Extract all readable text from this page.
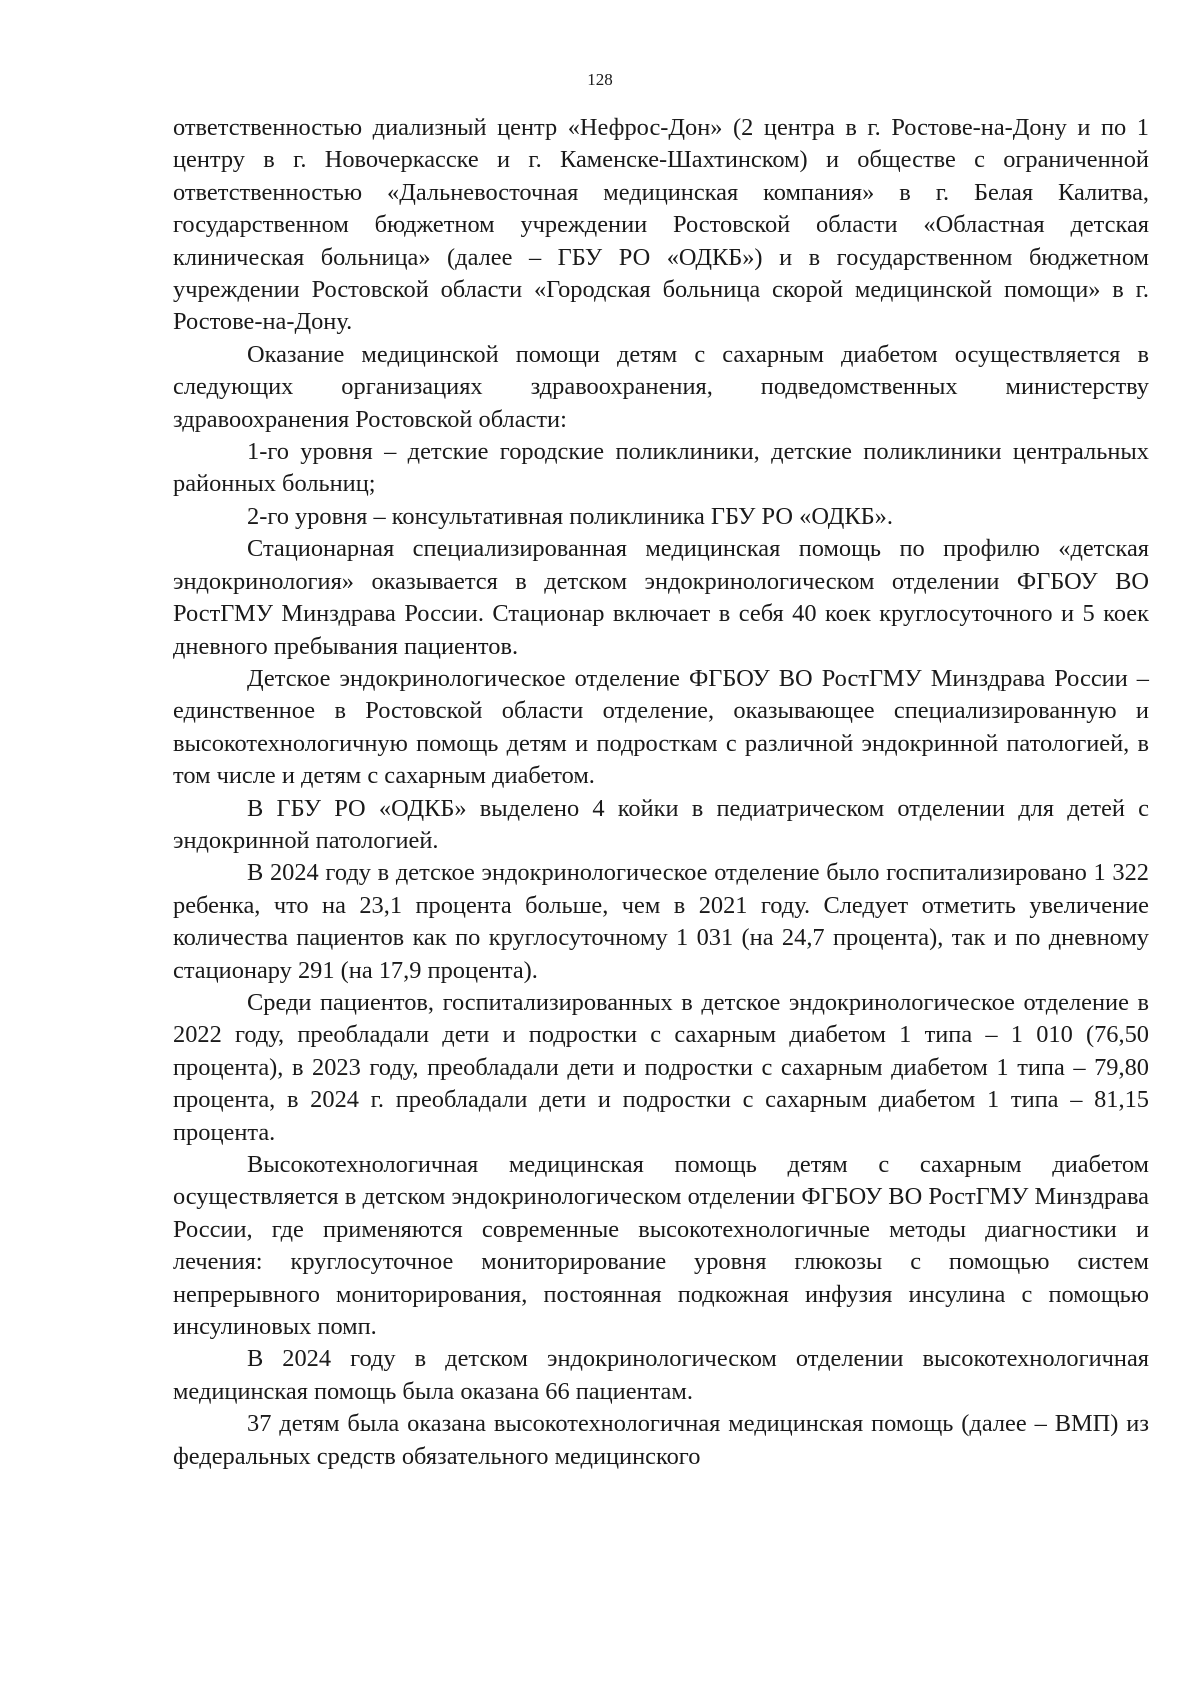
128

ответственностью диализный центр «Нефрос-Дон» (2 центра в г. Ростове-на-Дону и по 1 центру в г. Новочеркасске и г. Каменске-Шахтинском) и обществе с ограниченной ответственностью «Дальневосточная медицинская компания» в г. Белая Калитва, государственном бюджетном учреждении Ростовской области «Областная детская клиническая больница» (далее – ГБУ РО «ОДКБ») и в государственном бюджетном учреждении Ростовской области «Городская больница скорой медицинской помощи» в г. Ростове-на-Дону.

Оказание медицинской помощи детям с сахарным диабетом осуществляется в следующих организациях здравоохранения, подведомственных министерству здравоохранения Ростовской области:

1-го уровня – детские городские поликлиники, детские поликлиники центральных районных больниц;

2-го уровня – консультативная поликлиника ГБУ РО «ОДКБ».

Стационарная специализированная медицинская помощь по профилю «детская эндокринология» оказывается в детском эндокринологическом отделении ФГБОУ ВО РостГМУ Минздрава России. Стационар включает в себя 40 коек круглосуточного и 5 коек дневного пребывания пациентов.

Детское эндокринологическое отделение ФГБОУ ВО РостГМУ Минздрава России – единственное в Ростовской области отделение, оказывающее специализированную и высокотехнологичную помощь детям и подросткам с различной эндокринной патологией, в том числе и детям с сахарным диабетом.

В ГБУ РО «ОДКБ» выделено 4 койки в педиатрическом отделении для детей с эндокринной патологией.

В 2024 году в детское эндокринологическое отделение было госпитализировано 1 322 ребенка, что на 23,1 процента больше, чем в 2021 году. Следует отметить увеличение количества пациентов как по круглосуточному 1 031 (на 24,7 процента), так и по дневному стационару 291 (на 17,9 процента).

Среди пациентов, госпитализированных в детское эндокринологическое отделение в 2022 году, преобладали дети и подростки с сахарным диабетом 1 типа – 1 010 (76,50 процента), в 2023 году, преобладали дети и подростки с сахарным диабетом 1 типа – 79,80 процента, в 2024 г. преобладали дети и подростки с сахарным диабетом 1 типа – 81,15 процента.

Высокотехнологичная медицинская помощь детям с сахарным диабетом осуществляется в детском эндокринологическом отделении ФГБОУ ВО РостГМУ Минздрава России, где применяются современные высокотехнологичные методы диагностики и лечения: круглосуточное мониторирование уровня глюкозы с помощью систем непрерывного мониторирования, постоянная подкожная инфузия инсулина с помощью инсулиновых помп.

В 2024 году в детском эндокринологическом отделении высокотехнологичная медицинская помощь была оказана 66 пациентам.

37 детям была оказана высокотехнологичная медицинская помощь (далее – ВМП) из федеральных средств обязательного медицинского
